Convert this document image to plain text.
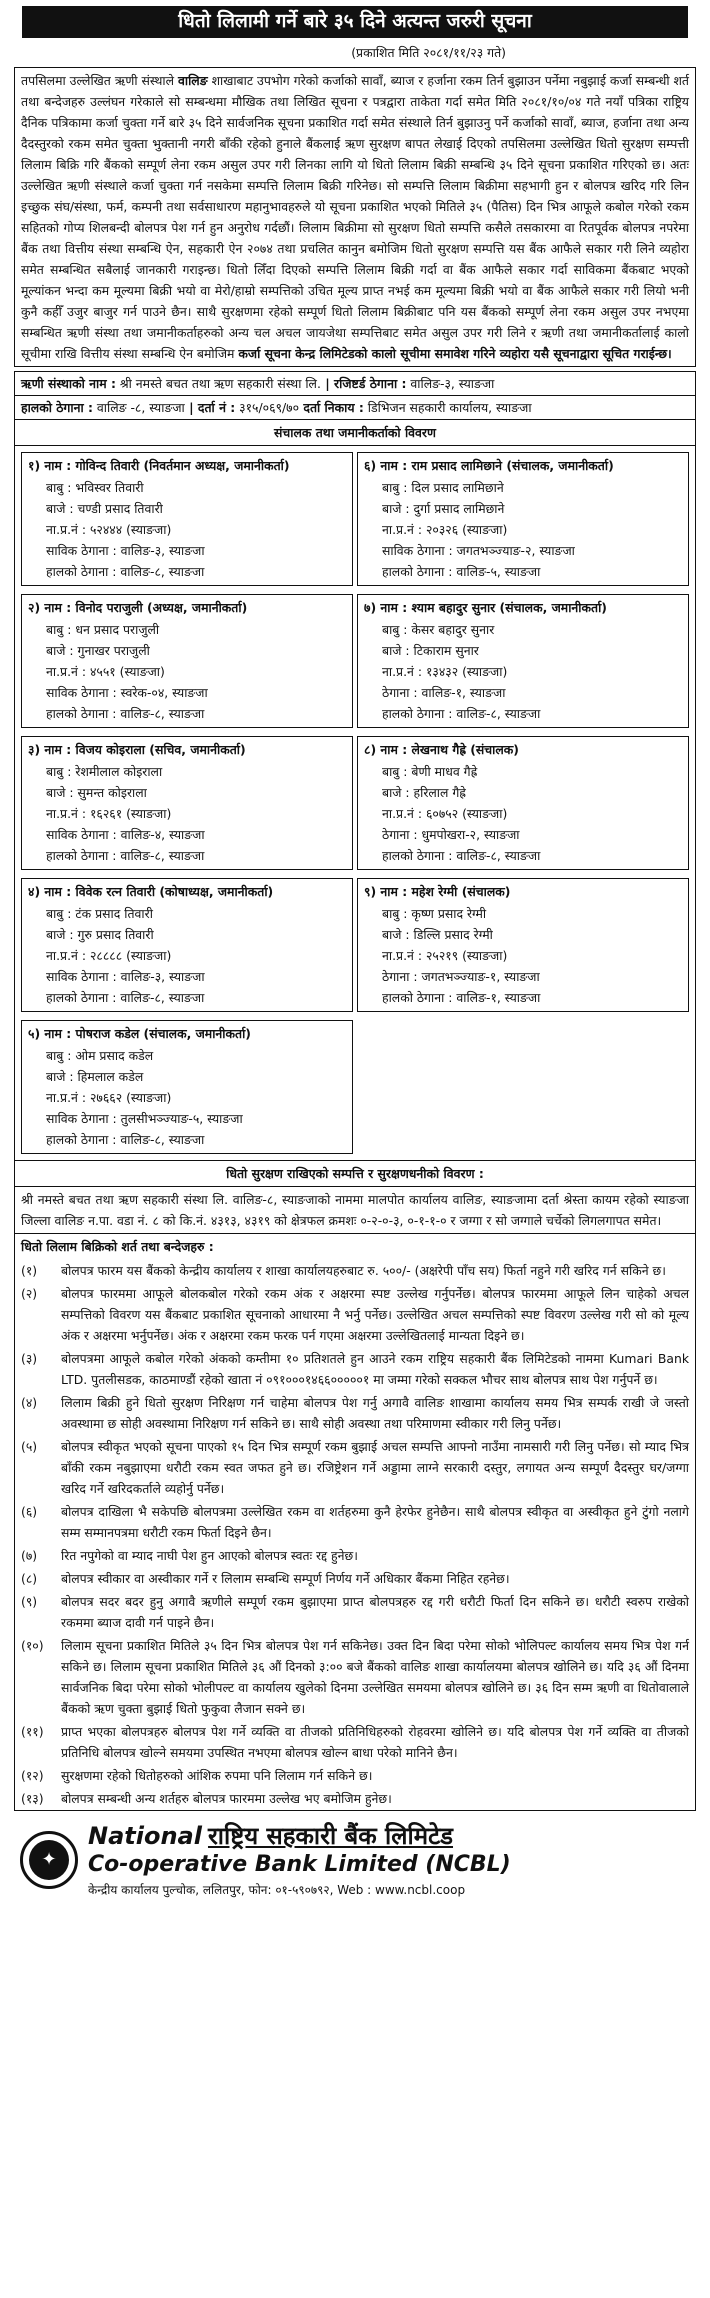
धितो लिलामी गर्ने बारे ३५ दिने अत्यन्त जरुरी सूचना
(प्रकाशित मिति २०८१/११/२३ गते)
तपसिलमा उल्लेखित ऋणी संस्थाले वालिङ शाखाबाट उपभोग गरेको कर्जाको सावाँ, ब्याज र हर्जाना रकम तिर्न बुझाउन पर्नेमा नबुझाई कर्जा सम्बन्धी शर्त तथा बन्देजहरु उल्लंघन गरेकाले सो सम्बन्धमा मौखिक तथा लिखित सूचना र पत्रद्वारा ताकेता गर्दा समेत मिति २०८१/१०/०४ गते नयाँ पत्रिका राष्ट्रिय दैनिक पत्रिकामा कर्जा चुक्ता गर्ने बारे ३५ दिने सार्वजनिक सूचना प्रकाशित गर्दा समेत संस्थाले तिर्न बुझाउनु पर्ने कर्जाको सावाँ, ब्याज, हर्जाना तथा अन्य दैदस्तुरको रकम समेत चुक्ता भुक्तानी नगरी बाँकी रहेको हुनाले बैंकलाई ऋण सुरक्षण बापत लेखाई दिएको तपसिलमा उल्लेखित धितो सुरक्षण सम्पत्ती लिलाम बिक्रि गरि बैंकको सम्पूर्ण लेना रकम असुल उपर गरी लिनका लागि यो धितो लिलाम बिक्री सम्बन्धि ३५ दिने सूचना प्रकाशित गरिएको छ। अतः उल्लेखित ऋणी संस्थाले कर्जा चुक्ता गर्न नसकेमा सम्पत्ति लिलाम बिक्री गरिनेछ। सो सम्पत्ति लिलाम बिक्रीमा सहभागी हुन र बोलपत्र खरिद गरि लिन इच्छुक संघ/संस्था, फर्म, कम्पनी तथा सर्वसाधारण महानुभावहरुले यो सूचना प्रकाशित भएको मितिले ३५ (पैतिस) दिन भित्र आफूले कबोल गरेको रकम सहितको गोप्य शिलबन्दी बोलपत्र पेश गर्न हुन अनुरोध गर्दछौं। लिलाम बिक्रीमा सो सुरक्षण धितो सम्पत्ति कसैले तसकारमा वा रितपूर्वक बोलपत्र नपरेमा बैंक तथा वित्तीय संस्था सम्बन्धि ऐन, सहकारी ऐन २०७४ तथा प्रचलित कानुन बमोजिम धितो सुरक्षण सम्पत्ति यस बैंक आफैले सकार गरी लिने व्यहोरा समेत सम्बन्धित सबैलाई जानकारी गराइन्छ। धितो लिँदा दिएको सम्पत्ति लिलाम बिक्री गर्दा वा बैंक आफैले सकार गर्दा साविकमा बैंकबाट भएको मूल्यांकन भन्दा कम मूल्यमा बिक्री भयो वा मेरो/हाम्रो सम्पत्तिको उचित मूल्य प्राप्त नभई कम मूल्यमा बिक्री भयो वा बैंक आफैले सकार गरी लियो भनी कुनै कहीँ उजुर बाजुर गर्न पाउने छैन। साथै सुरक्षणमा रहेको सम्पूर्ण धितो लिलाम बिक्रीबाट पनि यस बैंकको सम्पूर्ण लेना रकम असुल उपर नभएमा सम्बन्धित ऋणी संस्था तथा जमानीकर्ताहरुको अन्य चल अचल जायजेथा सम्पत्तिबाट समेत असुल उपर गरी लिने र ऋणी तथा जमानीकर्तालाई कालो सूचीमा राखि वित्तीय संस्था सम्बन्धि ऐन बमोजिम कर्जा सूचना केन्द्र लिमिटेडको कालो सूचीमा समावेश गरिने व्यहोरा यसै सूचनाद्वारा सूचित गराईन्छ।
ऋणी संस्थाको नाम : श्री नमस्ते बचत तथा ऋण सहकारी संस्था लि. | रजिष्टर्ड ठेगाना : वालिङ-३, स्याङजा
हालको ठेगाना : वालिङ -८, स्याङजा | दर्ता नं : ३१५/०६९/७० दर्ता निकाय : डिभिजन सहकारी कार्यालय, स्याङजा
संचालक तथा जमानीकर्ताको विवरण
१) नाम : गोविन्द तिवारी (निवर्तमान अध्यक्ष, जमानीकर्ता)
बाबु : भविस्वर तिवारी
बाजे : चण्डी प्रसाद तिवारी
ना.प्र.नं : ५२४४४ (स्याङजा)
साविक ठेगाना : वालिङ-३, स्याङजा
हालको ठेगाना : वालिङ-८, स्याङजा
२) नाम : विनोद पराजुली (अध्यक्ष, जमानीकर्ता)
बाबु : धन प्रसाद पराजुली
बाजे : गुनाखर पराजुली
ना.प्र.नं : ४५५१ (स्याङजा)
साविक ठेगाना : स्वरेक-०४, स्याङजा
हालको ठेगाना : वालिङ-८, स्याङजा
३) नाम : विजय कोइराला (सचिव, जमानीकर्ता)
बाबु : रेशमीलाल कोइराला
बाजे : सुमन्त कोइराला
ना.प्र.नं : १६२६१ (स्याङजा)
साविक ठेगाना : वालिङ-४, स्याङजा
हालको ठेगाना : वालिङ-८, स्याङजा
४) नाम : विवेक रत्न तिवारी (कोषाध्यक्ष, जमानीकर्ता)
बाबु : टंक प्रसाद तिवारी
बाजे : गुरु प्रसाद तिवारी
ना.प्र.नं : २८८८८ (स्याङजा)
साविक ठेगाना : वालिङ-३, स्याङजा
हालको ठेगाना : वालिङ-८, स्याङजा
५) नाम : पोषराज कडेल (संचालक, जमानीकर्ता)
बाबु : ओम प्रसाद कडेल
बाजे : हिमलाल कडेल
ना.प्र.नं : २७६६२ (स्याङजा)
साविक ठेगाना : तुलसीभञ्ज्याङ-५, स्याङजा
हालको ठेगाना : वालिङ-८, स्याङजा
६) नाम : राम प्रसाद लामिछाने (संचालक, जमानीकर्ता)
बाबु : दिल प्रसाद लामिछाने
बाजे : दुर्गा प्रसाद लामिछाने
ना.प्र.नं : २०३२६ (स्याङजा)
साविक ठेगाना : जगतभञ्ज्याङ-२, स्याङजा
हालको ठेगाना : वालिङ-५, स्याङजा
७) नाम : श्याम बहादुर सुनार (संचालक, जमानीकर्ता)
बाबु : केसर बहादुर सुनार
बाजे : टिकाराम सुनार
ना.प्र.नं : १३४३२ (स्याङजा)
ठेगाना : वालिङ-१, स्याङजा
हालको ठेगाना : वालिङ-८, स्याङजा
८) नाम : लेखनाथ गैह्रे (संचालक)
बाबु : बेणी माधव गैह्रे
बाजे : हरिलाल गैह्रे
ना.प्र.नं : ६०७५२ (स्याङजा)
ठेगाना : धुमपोखरा-२, स्याङजा
हालको ठेगाना : वालिङ-८, स्याङजा
९) नाम : महेश रेग्मी (संचालक)
बाबु : कृष्ण प्रसाद रेग्मी
बाजे : डिल्लि प्रसाद रेग्मी
ना.प्र.नं : २५२१९ (स्याङजा)
ठेगाना : जगतभञ्ज्याङ-१, स्याङजा
हालको ठेगाना : वालिङ-१, स्याङजा
धितो सुरक्षण राखिएको सम्पत्ति र सुरक्षणधनीको विवरण :
श्री नमस्ते बचत तथा ऋण सहकारी संस्था लि. वालिङ-८, स्याङजाको नाममा मालपोत कार्यालय वालिङ, स्याङजामा दर्ता श्रेस्ता कायम रहेको स्याङजा जिल्ला वालिङ न.पा. वडा नं. ८ को कि.नं. ४३१३, ४३१९ को क्षेत्रफल क्रमशः ०-२-०-३, ०-१-१-० र जग्गा र सो जग्गाले चर्चेको लिगलगापत समेत।
धितो लिलाम बिक्रिको शर्त तथा बन्देजहरु :
(१)	बोलपत्र फारम यस बैंकको केन्द्रीय कार्यालय र शाखा कार्यालयहरुबाट रु. ५००/- (अक्षरेपी पाँच सय) फिर्ता नहुने गरी खरिद गर्न सकिने छ।
(२)	बोलपत्र फारममा आफूले बोलकबोल गरेको रकम अंक र अक्षरमा स्पष्ट उल्लेख गर्नुपर्नेछ। बोलपत्र फारममा आफूले लिन चाहेको अचल सम्पत्तिको विवरण यस बैंकबाट प्रकाशित सूचनाको आधारमा नै भर्नु पर्नेछ। उल्लेखित अचल सम्पत्तिको स्पष्ट विवरण उल्लेख गरी सो को मूल्य अंक र अक्षरमा भर्नुपर्नेछ। अंक र अक्षरमा रकम फरक पर्न गएमा अक्षरमा उल्लेखितलाई मान्यता दिइने छ।
(३)	बोलपत्रमा आफूले कबोल गरेको अंकको कम्तीमा १० प्रतिशतले हुन आउने रकम राष्ट्रिय सहकारी बैंक लिमिटेडको नाममा Kumari Bank LTD. पुतलीसडक, काठमाण्डौं रहेको खाता नं ०९१०००१४६६०००००१ मा जम्मा गरेको सक्कल भौचर साथ बोलपत्र साथ पेश गर्नुपर्ने छ।
(४)	लिलाम बिक्री हुने धितो सुरक्षण निरिक्षण गर्न चाहेमा बोलपत्र पेश गर्नु अगावै वालिङ शाखामा कार्यालय समय भित्र सम्पर्क राखी जे जस्तो अवस्थामा छ सोही अवस्थामा निरिक्षण गर्न सकिने छ। साथै सोही अवस्था तथा परिमाणमा स्वीकार गरी लिनु पर्नेछ।
(५)	बोलपत्र स्वीकृत भएको सूचना पाएको १५ दिन भित्र सम्पूर्ण रकम बुझाई अचल सम्पत्ति आफ्नो नाउँमा नामसारी गरी लिनु पर्नेछ। सो म्याद भित्र बाँकी रकम नबुझाएमा धरौटी रकम स्वत जफत हुने छ। रजिष्ट्रेशन गर्ने अड्डामा लाग्ने सरकारी दस्तुर, लगायत अन्य सम्पूर्ण दैदस्तुर घर/जग्गा खरिद गर्ने खरिदकर्ताले व्यहोर्नु पर्नेछ।
(६)	बोलपत्र दाखिला भै सकेपछि बोलपत्रमा उल्लेखित रकम वा शर्तहरुमा कुनै हेरफेर हुनेछैन। साथै बोलपत्र स्वीकृत वा अस्वीकृत हुने टुंगो नलागे सम्म सम्मानपत्रमा धरौटी रकम फिर्ता दिइने छैन।
(७)	रित नपुगेको वा म्याद नाघी पेश हुन आएको बोलपत्र स्वतः रद्द हुनेछ।
(८)	बोलपत्र स्वीकार वा अस्वीकार गर्ने र लिलाम सम्बन्धि सम्पूर्ण निर्णय गर्ने अधिकार बैंकमा निहित रहनेछ।
(९)	बोलपत्र सदर बदर हुनु अगावै ऋणीले सम्पूर्ण रकम बुझाएमा प्राप्त बोलपत्रहरु रद्द गरी धरौटी फिर्ता दिन सकिने छ। धरौटी स्वरुप राखेको रकममा ब्याज दावी गर्न पाइने छैन।
(१०)	लिलाम सूचना प्रकाशित मितिले ३५ दिन भित्र बोलपत्र पेश गर्न सकिनेछ। उक्त दिन बिदा परेमा सोको भोलिपल्ट कार्यालय समय भित्र पेश गर्न सकिने छ। लिलाम सूचना प्रकाशित मितिले ३६ औं दिनको ३:०० बजे बैंकको वालिङ शाखा कार्यालयमा बोलपत्र खोलिने छ। यदि ३६ औं दिनमा सार्वजनिक बिदा परेमा सोको भोलीपल्ट वा कार्यालय खुलेको दिनमा उल्लेखित समयमा बोलपत्र खोलिने छ। ३६ दिन सम्म ऋणी वा धितोवालाले बैंकको ऋण चुक्ता बुझाई धितो फुकुवा लैजान सक्ने छ।
(११)	प्राप्त भएका बोलपत्रहरु बोलपत्र पेश गर्ने व्यक्ति वा तीजको प्रतिनिधिहरुको रोहवरमा खोलिने छ। यदि बोलपत्र पेश गर्ने व्यक्ति वा तीजको प्रतिनिधि बोलपत्र खोल्ने समयमा उपस्थित नभएमा बोलपत्र खोल्न बाधा परेको मानिने छैन।
(१२)	सुरक्षणमा रहेको धितोहरुको आंशिक रुपमा पनि लिलाम गर्न सकिने छ।
(१३)	बोलपत्र सम्बन्धी अन्य शर्तहरु बोलपत्र फारममा उल्लेख भए बमोजिम हुनेछ।
✦
National राष्ट्रिय सहकारी बैंक लिमिटेड
Co-operative Bank Limited (NCBL)
केन्द्रीय कार्यालय पुल्चोक, ललितपुर, फोन: ०१-५९०७९२, Web : www.ncbl.coop
